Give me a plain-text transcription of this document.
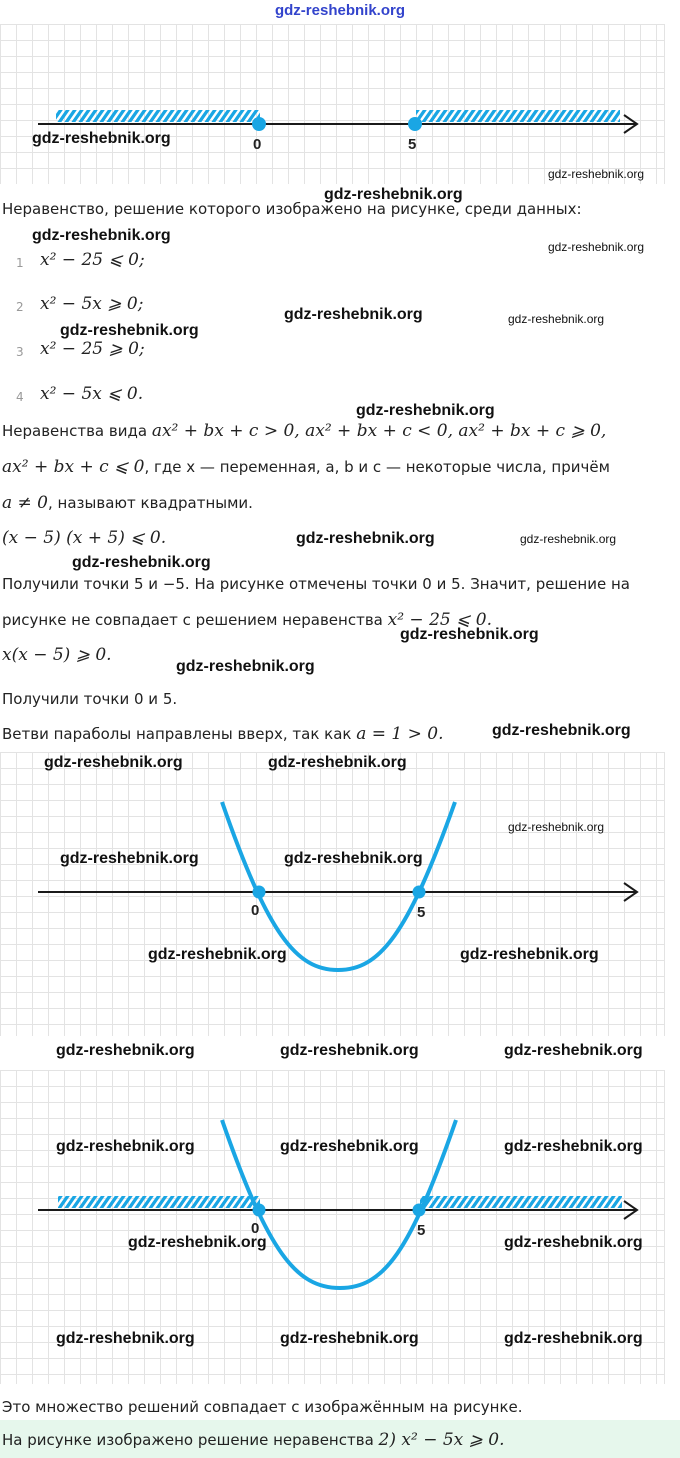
gdz-reshebnik.org
0	5
gdz-reshebnik.org
gdz-reshebnik.org
gdz-reshebnik.org
Неравенство, решение которого изображено на рисунке, среди данных:
gdz-reshebnik.org
gdz-reshebnik.org
1 x² − 25 ⩽ 0;
2 x² − 5x ⩾ 0;
gdz-reshebnik.org	gdz-reshebnik.org
gdz-reshebnik.org
3 x² − 25 ⩾ 0;
4 x² − 5x ⩽ 0.
gdz-reshebnik.org
Неравенства вида ax² + bx + c > 0, ax² + bx + c < 0, ax² + bx + c ⩾ 0,
ax² + bx + c ⩽ 0, где x — переменная, a, b и c — некоторые числа, причём
a ≠ 0, называют квадратными.
(x − 5) (x + 5) ⩽ 0.	gdz-reshebnik.org	gdz-reshebnik.org
gdz-reshebnik.org
Получили точки 5 и −5. На рисунке отмечены точки 0 и 5. Значит, решение на
рисунке не совпадает с решением неравенства x² − 25 ⩽ 0.
gdz-reshebnik.org
x(x − 5) ⩾ 0.
gdz-reshebnik.org
Получили точки 0 и 5.
Ветви параболы направлены вверх, так как a = 1 > 0.	gdz-reshebnik.org
0	5
gdz-reshebnik.org	gdz-reshebnik.org
gdz-reshebnik.org
gdz-reshebnik.org	gdz-reshebnik.org
gdz-reshebnik.org	gdz-reshebnik.org
gdz-reshebnik.org	gdz-reshebnik.org	gdz-reshebnik.org
0	5
gdz-reshebnik.org	gdz-reshebnik.org	gdz-reshebnik.org
gdz-reshebnik.org	gdz-reshebnik.org
gdz-reshebnik.org	gdz-reshebnik.org	gdz-reshebnik.org
Это множество решений совпадает с изображённым на рисунке.
На рисунке изображено решение неравенства 2) x² − 5x ⩾ 0.
